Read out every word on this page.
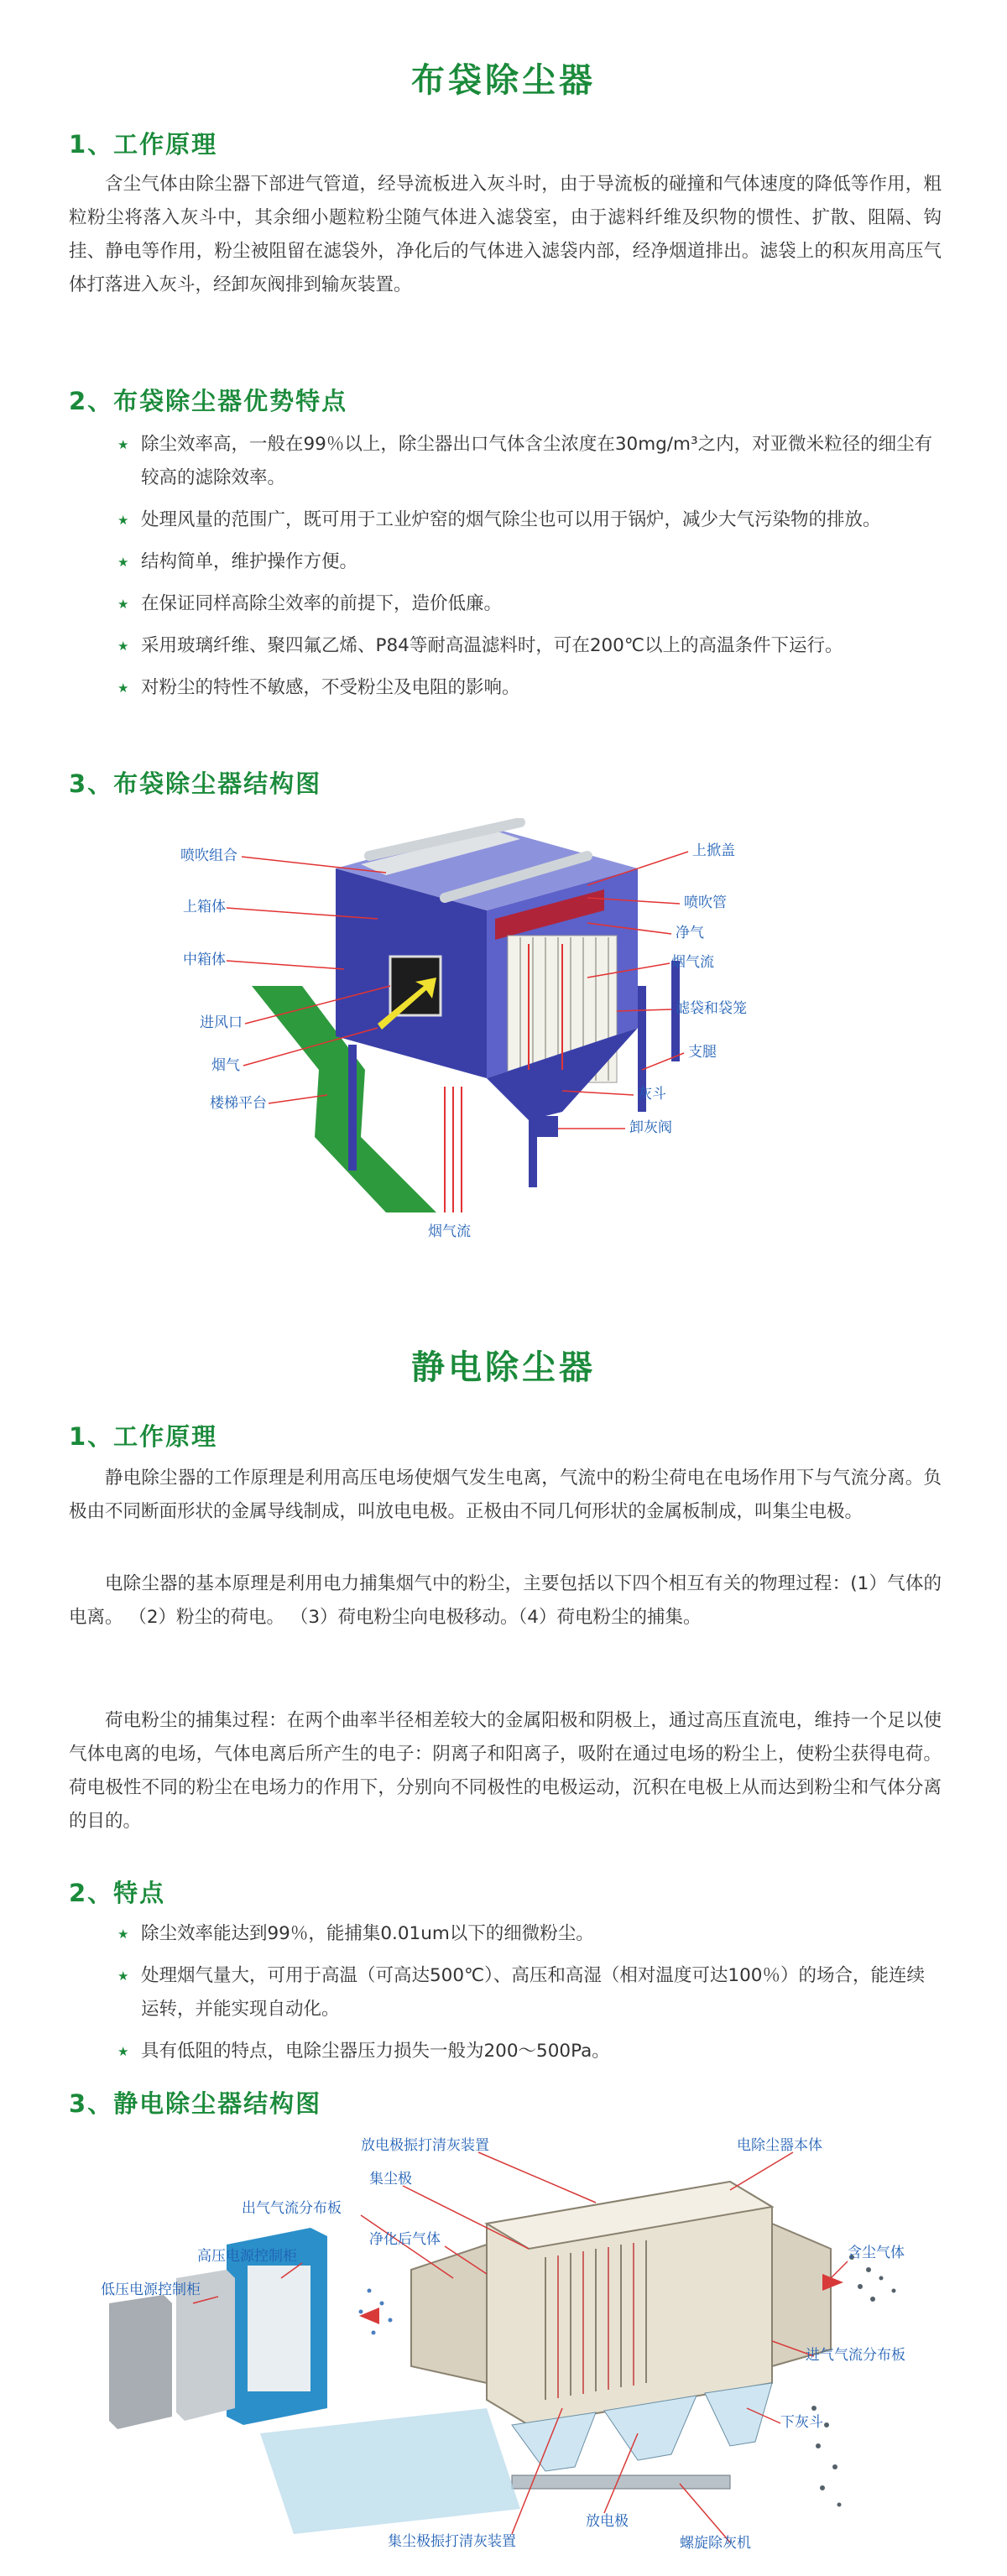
布袋除尘器
1、工作原理

含尘气体由除尘器下部进气管道，经导流板进入灰斗时，由于导流板的碰撞和气体速度的降低等作用，粗粒粉尘将落入灰斗中，其余细小题粒粉尘随气体进入滤袋室，由于滤料纤维及织物的惯性、扩散、阻隔、钩挂、静电等作用，粉尘被阻留在滤袋外，净化后的气体进入滤袋内部，经净烟道排出。滤袋上的积灰用高压气体打落进入灰斗，经卸灰阀排到输灰装置。

2、布袋除尘器优势特点
★ 除尘效率高，一般在99％以上，除尘器出口气体含尘浓度在30mg/m³之内，对亚微米粒径的细尘有较高的滤除效率。
★ 处理风量的范围广，既可用于工业炉窑的烟气除尘也可以用于锅炉，减少大气污染物的排放。
★ 结构简单，维护操作方便。
★ 在保证同样高除尘效率的前提下，造价低廉。
★ 采用玻璃纤维、聚四氟乙烯、P84等耐高温滤料时，可在200℃以上的高温条件下运行。
★ 对粉尘的特性不敏感，不受粉尘及电阻的影响。
3、布袋除尘器结构图
喷吹组合
上箱体
中箱体
进风口
烟气
楼梯平台
上掀盖
喷吹管
净气
烟气流
滤袋和袋笼
支腿
灰斗
卸灰阀
烟气流
静电除尘器
1、工作原理

静电除尘器的工作原理是利用高压电场使烟气发生电离，气流中的粉尘荷电在电场作用下与气流分离。负极由不同断面形状的金属导线制成，叫放电电极。正极由不同几何形状的金属板制成，叫集尘电极。

电除尘器的基本原理是利用电力捕集烟气中的粉尘，主要包括以下四个相互有关的物理过程：(1）气体的电离。 （2）粉尘的荷电。 （3）荷电粉尘向电极移动。（4）荷电粉尘的捕集。

荷电粉尘的捕集过程：在两个曲率半径相差较大的金属阳极和阴极上，通过高压直流电，维持一个足以使气体电离的电场，气体电离后所产生的电子：阴离子和阳离子，吸附在通过电场的粉尘上，使粉尘获得电荷。荷电极性不同的粉尘在电场力的作用下，分别向不同极性的电极运动，沉积在电极上从而达到粉尘和气体分离的目的。

2、特点
★ 除尘效率能达到99％，能捕集0.01um以下的细微粉尘。
★ 处理烟气量大，可用于高温（可高达500℃）、高压和高湿（相对温度可达100％）的场合，能连续运转，并能实现自动化。
★ 具有低阻的特点，电除尘器压力损失一般为200～500Pa。
3、静电除尘器结构图
放电极振打清灰装置
集尘极
出气气流分布板
净化后气体
高压电源控制柜
低压电源控制柜
电除尘器本体
含尘气体
进气气流分布板
下灰斗
放电极
集尘极振打清灰装置	螺旋除灰机
